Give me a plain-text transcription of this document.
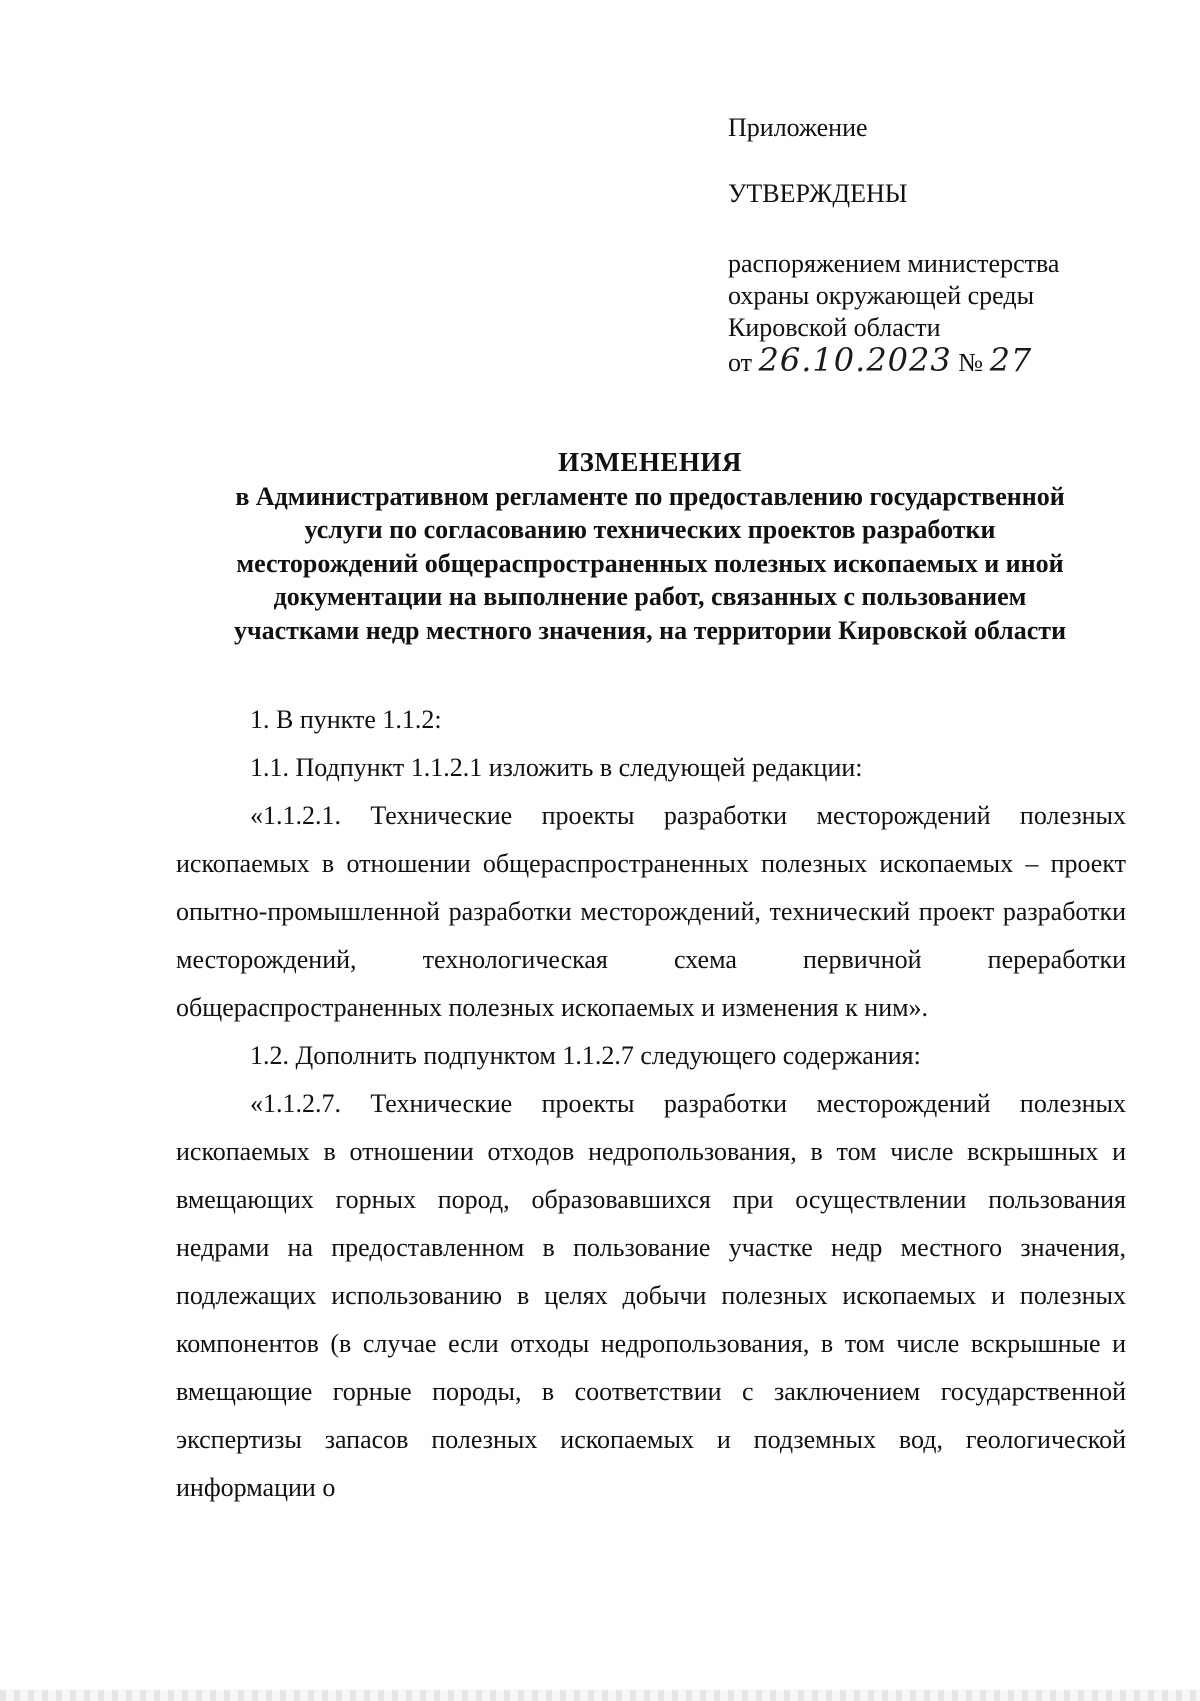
Приложение
УТВЕРЖДЕНЫ
распоряжением министерства
охраны окружающей среды
Кировской области
от 26.10.2023 № 27
ИЗМЕНЕНИЯ
в Административном регламенте по предоставлению государственной
услуги по согласованию технических проектов разработки
месторождений общераспространенных полезных ископаемых и иной
документации на выполнение работ, связанных с пользованием
участками недр местного значения, на территории Кировской области

1. В пункте 1.1.2:

1.1. Подпункт 1.1.2.1 изложить в следующей редакции:

«1.1.2.1. Технические проекты разработки месторождений полезных ископаемых в отношении общераспространенных полезных ископаемых – проект опытно-промышленной разработки месторождений, технический проект разработки месторождений, технологическая схема первичной переработки общераспространенных полезных ископаемых и изменения к ним».

1.2. Дополнить подпунктом 1.1.2.7 следующего содержания:

«1.1.2.7. Технические проекты разработки месторождений полезных ископаемых в отношении отходов недропользования, в том числе вскрышных и вмещающих горных пород, образовавшихся при осуществлении пользования недрами на предоставленном в пользование участке недр местного значения, подлежащих использованию в целях добычи полезных ископаемых и полезных компонентов (в случае если отходы недропользования, в том числе вскрышные и вмещающие горные породы, в соответствии с заключением государственной экспертизы запасов полезных ископаемых и подземных вод, геологической информации о
